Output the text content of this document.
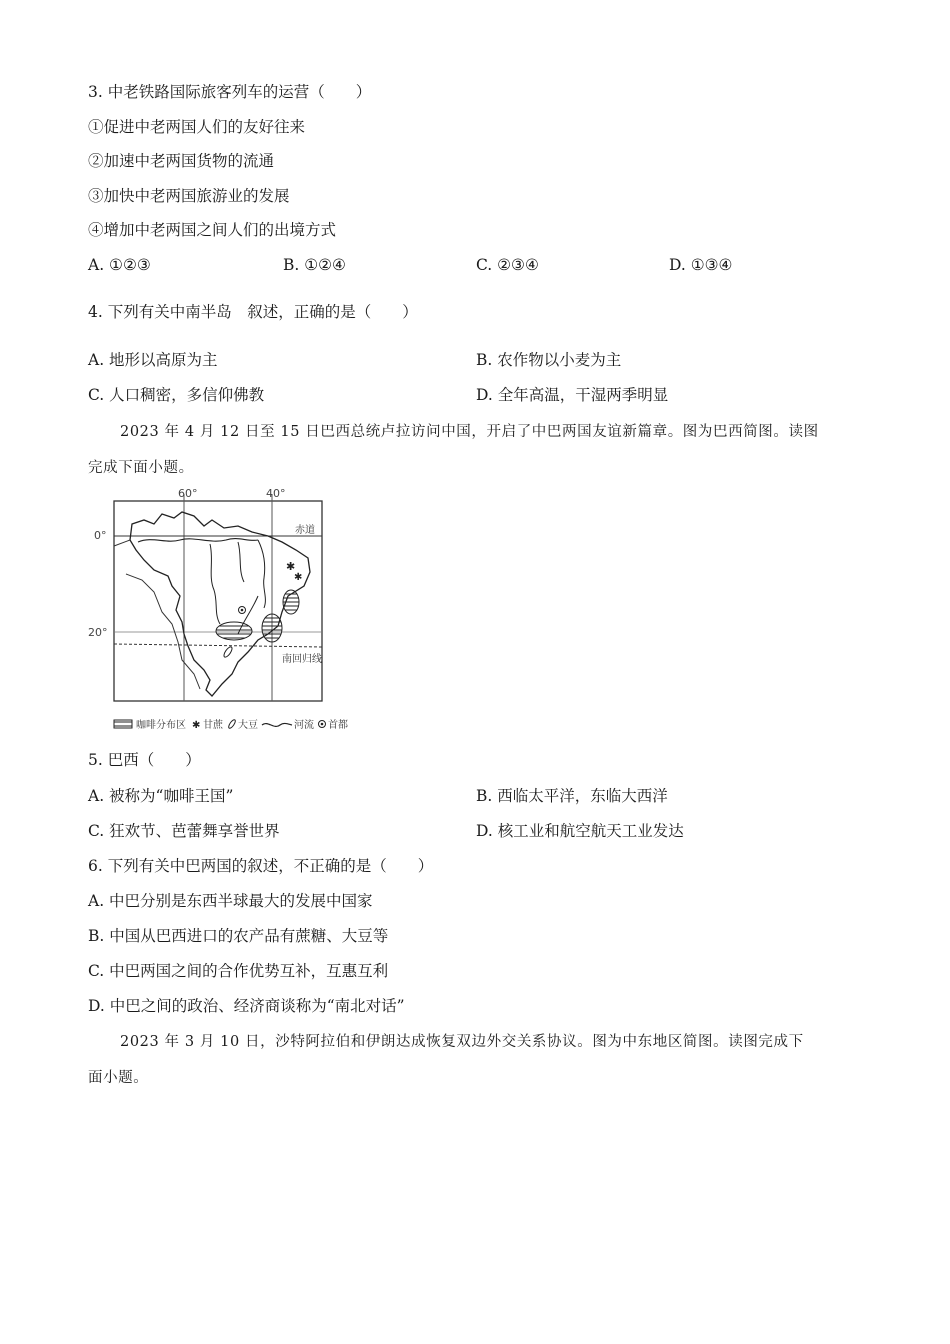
3. 中老铁路国际旅客列车的运营（　　）
①促进中老两国人们的友好往来
②加速中老两国货物的流通
③加快中老两国旅游业的发展
④增加中老两国之间人们的出境方式
A. ①②③	B. ①②④	C. ②③④	D. ①③④
4. 下列有关中南半岛　叙述，正确的是（　　）
A. 地形以高原为主	B. 农作物以小麦为主
C. 人口稠密，多信仰佛教	D. 全年高温，干湿两季明显
2023 年 4 月 12 日至 15 日巴西总统卢拉访问中国，开启了中巴两国友谊新篇章。图为巴西简图。读图
完成下面小题。
✱
✱
60°	40°
0°
20°
赤道
南回归线
咖啡分布区 ✱ 甘蔗 大豆	河流 首都
5. 巴西（　　）
A. 被称为“咖啡王国”	B. 西临太平洋，东临大西洋
C. 狂欢节、芭蕾舞享誉世界	D. 核工业和航空航天工业发达
6. 下列有关中巴两国的叙述，不正确的是（　　）
A. 中巴分别是东西半球最大的发展中国家
B. 中国从巴西进口的农产品有蔗糖、大豆等
C. 中巴两国之间的合作优势互补，互惠互利
D. 中巴之间的政治、经济商谈称为“南北对话”
2023 年 3 月 10 日，沙特阿拉伯和伊朗达成恢复双边外交关系协议。图为中东地区简图。读图完成下
面小题。
